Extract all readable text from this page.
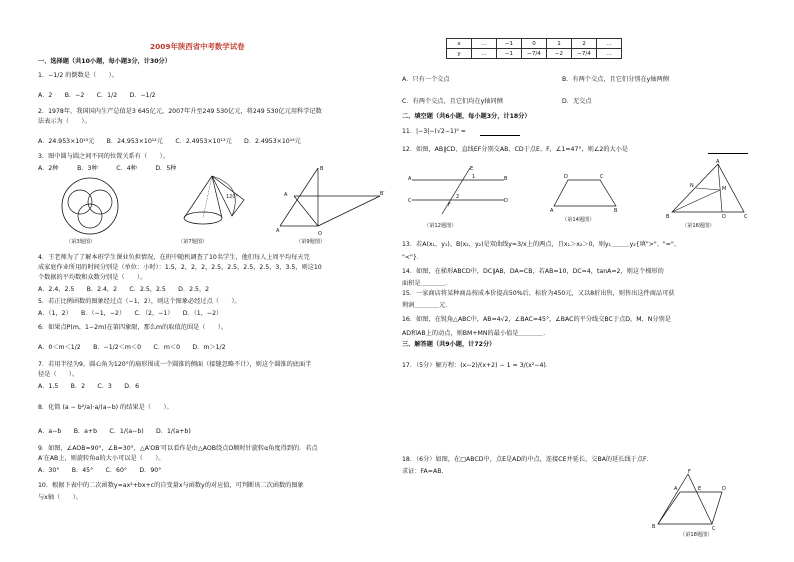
2009年陕西省中考数学试卷
一、选择题（共10小题，每小题3分，计30分）
1．−1/2 的倒数是（　　）。
A．2　　B．−2　　C．1/2　　D．−1/2
2．1978年，我国国内生产总值是3 645亿元，2007年升至249 530亿元，将249 530亿元用科学记数
法表示为（　　）。
A．24.953×10¹³元　　B．24.953×10¹²元　　C．2.4953×10¹³元　　D．2.4953×10¹⁴元
3．图中圆与圆之间不同的位置关系有（　　）。
A．2种　　　B．3种　　　C．4种　　　D．5种
（第3题图）
120°
（第7题图）
B
A
A	O
B′
（第9题图）
4．王老师为了了解本班学生课业负担情况，在班中随机调查了10名学生，他们每人上周平均每天完
成家庭作业所用的时间分别是（单位：小时）：1.5，2，2，2，2.5，2.5，2.5，2.5，3，3.5，则这10
个数据的平均数和众数分别是（　　）。
A．2.4，2.5　　B．2.4，2　　C．2.5，2.5　　D．2.5，2
5．若正比例函数的图象经过点（−1，2），则这个图象必经过点（　　）。
A．（1，2）　　B．（−1，−2）　　C．（2，−1）　　D．（1，−2）
6．如果点P(m，1−2m)在第四象限，那么m的取值范围是（　　）。
A．0＜m＜1/2　　B．−1/2＜m＜0　　C．m＜0　　D．m＞1/2
7．若用半径为9，圆心角为120°的扇形围成一个圆锥的侧面（接缝忽略不计），则这个圆锥的底面半
径是（　　）。
A．1.5　　B．2　　C．3　　D．6
8．化简 (a − b²/a)·a/(a−b) 的结果是（　　）。
A．a−b　　B．a+b　　C．1/(a−b)　　D．1/(a+b)
9．如图，∠AOB=90°，∠B=30°，△A′OB′可以看作是由△AOB绕点O顺时针旋转α角度得到的．若点
A′在AB上，则旋转角α的大小可以是（　　）。
A．30°　　B．45°　　C．60°　　D．90°
10．根据下表中的二次函数y=ax²+bx+c的自变量x与函数y的对应值，可判断该二次函数的图象
与x轴（　　）。
x	…	−1	0	1	2	…
y	…	−1	−7/4	−2	−7/4	…
A．只有一个交点	B．有两个交点，且它们分别在y轴两侧
C．有两个交点，且它们均在y轴同侧	D．无交点
二、填空题（共6小题，每小题3分，计18分）
11．|−3|−(√2−1)⁰ =
12．如图，AB∥CD，直线EF分别交AB、CD于点E、F，∠1=47°，则∠2的大小是
A	B
C	D
E
F
1
2
（第12题图）
D	C
A	B
（第14题图）
A
B	C
D
M
N
（第16题图）
13．若A(x₁，y₁)、B(x₂，y₂)是双曲线y=3/x上的两点，且x₁＞x₂＞0，则y₁＿＿＿y₂{填">"、"="、
"<"}．
14．如图，在梯形ABCD中，DC∥AB，DA=CB，若AB=10，DC=4，tanA=2，则这个梯形的
面积是＿＿＿＿．
15．一家商店将某种商品按成本价提高50%后，标价为450元，又以8折出售，则售出这件商品可获
利润＿＿＿＿元．
16．如图，在锐角△ABC中，AB=4√2，∠BAC=45°，∠BAC的平分线交BC于点D，M、N分别是
AD和AB上的动点，则BM+MN的最小值是＿＿＿＿．
三、解答题（共9小题，计72分）
17．（5分）解方程：(x−2)/(x+2) − 1 = 3/(x²−4)．
18．（6分）如图，在□ABCD中，点E是AD的中点，连接CE并延长，交BA的延长线于点F．
求证：FA=AB．	F
A	E	D
B	C
（第18题图）
